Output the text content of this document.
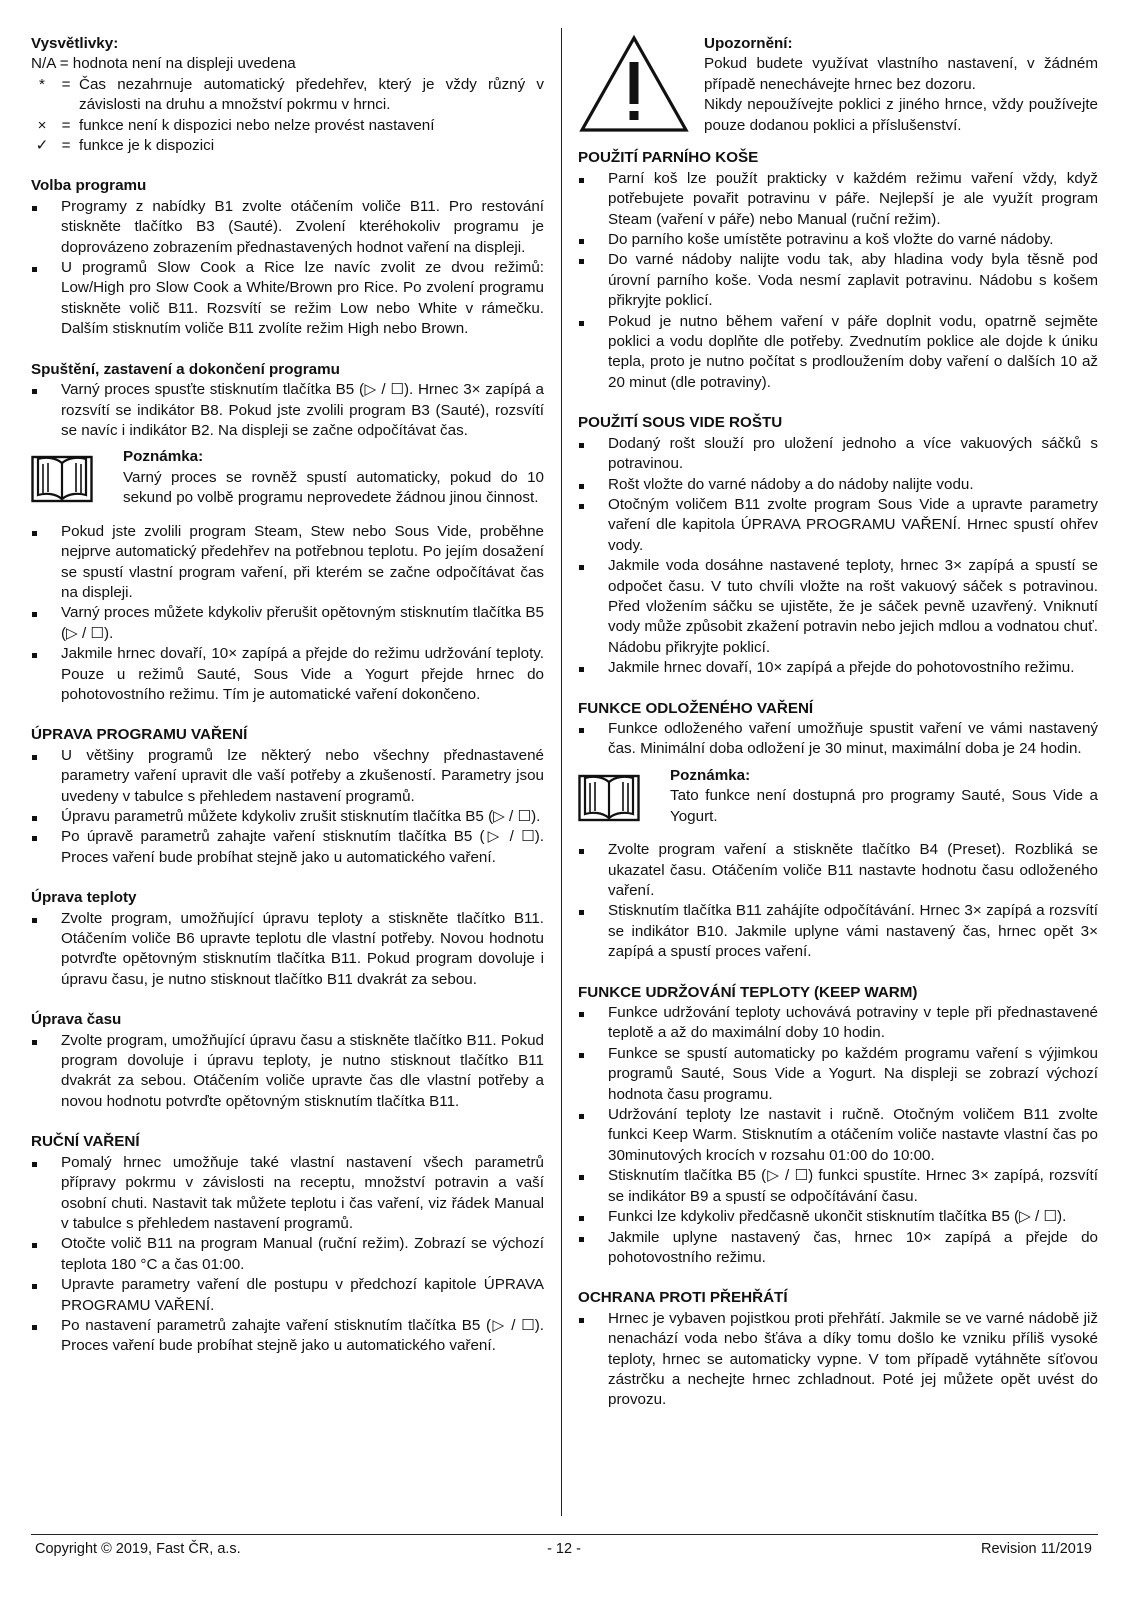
Vysvětlivky:
N/A = hodnota není na displeji uvedena
*	= Čas nezahrnuje automatický předehřev, který je vždy různý v závislosti na druhu a množství pokrmu v hrnci.
× = funkce není k dispozici nebo nelze provést nastavení
✓ = funkce je k dispozici
Volba programu
Programy z nabídky B1 zvolte otáčením voliče B11. Pro restování stiskněte tlačítko B3 (Sauté). Zvolení kteréhokoliv programu je doprovázeno zobrazením přednastavených hodnot vaření na displeji.
U programů Slow Cook a Rice lze navíc zvolit ze dvou režimů: Low/High pro Slow Cook a White/Brown pro Rice. Po zvolení programu stiskněte volič B11. Rozsvítí se režim Low nebo White v rámečku. Dalším stisknutím voliče B11 zvolíte režim High nebo Brown.
Spuštění, zastavení a dokončení programu
Varný proces spusťte stisknutím tlačítka B5 (▷ / ☐). Hrnec 3× zapípá a rozsvítí se indikátor B8. Pokud jste zvolili program B3 (Sauté), rozsvítí se navíc i indikátor B2. Na displeji se začne odpočítávat čas.
Poznámka:
Varný proces se rovněž spustí automaticky, pokud do 10 sekund po volbě programu neprovedete žádnou jinou činnost.
Pokud jste zvolili program Steam, Stew nebo Sous Vide, proběhne nejprve automatický předehřev na potřebnou teplotu. Po jejím dosažení se spustí vlastní program vaření, při kterém se začne odpočítávat čas na displeji.
Varný proces můžete kdykoliv přerušit opětovným stisknutím tlačítka B5 (▷ / ☐).
Jakmile hrnec dovaří, 10× zapípá a přejde do režimu udržování teploty. Pouze u režimů Sauté, Sous Vide a Yogurt přejde hrnec do pohotovostního režimu. Tím je automatické vaření dokončeno.
ÚPRAVA PROGRAMU VAŘENÍ
U většiny programů lze některý nebo všechny přednastavené parametry vaření upravit dle vaší potřeby a zkušeností. Parametry jsou uvedeny v tabulce s přehledem nastavení programů.
Úpravu parametrů můžete kdykoliv zrušit stisknutím tlačítka B5 (▷ / ☐).
Po úpravě parametrů zahajte vaření stisknutím tlačítka B5 (▷ / ☐). Proces vaření bude probíhat stejně jako u automatického vaření.
Úprava teploty
Zvolte program, umožňující úpravu teploty a stiskněte tlačítko B11. Otáčením voliče B6 upravte teplotu dle vlastní potřeby. Novou hodnotu potvrďte opětovným stisknutím tlačítka B11. Pokud program dovoluje i úpravu času, je nutno stisknout tlačítko B11 dvakrát za sebou.
Úprava času
Zvolte program, umožňující úpravu času a stiskněte tlačítko B11. Pokud program dovoluje i úpravu teploty, je nutno stisknout tlačítko B11 dvakrát za sebou. Otáčením voliče upravte čas dle vlastní potřeby a novou hodnotu potvrďte opětovným stisknutím tlačítka B11.
RUČNÍ VAŘENÍ
Pomalý hrnec umožňuje také vlastní nastavení všech parametrů přípravy pokrmu v závislosti na receptu, množství potravin a vaší osobní chuti. Nastavit tak můžete teplotu i čas vaření, viz řádek Manual v tabulce s přehledem nastavení programů.
Otočte volič B11 na program Manual (ruční režim). Zobrazí se výchozí teplota 180 °C a čas 01:00.
Upravte parametry vaření dle postupu v předchozí kapitole ÚPRAVA PROGRAMU VAŘENÍ.
Po nastavení parametrů zahajte vaření stisknutím tlačítka B5 (▷ / ☐). Proces vaření bude probíhat stejně jako u automatického vaření.
Upozornění:
Pokud budete využívat vlastního nastavení, v žádném případě nenechávejte hrnec bez dozoru.
Nikdy nepoužívejte poklici z jiného hrnce, vždy používejte pouze dodanou poklici a příslušenství.
POUŽITÍ PARNÍHO KOŠE
Parní koš lze použít prakticky v každém režimu vaření vždy, když potřebujete povařit potravinu v páře. Nejlepší je ale využít program Steam (vaření v páře) nebo Manual (ruční režim).
Do parního koše umístěte potravinu a koš vložte do varné nádoby.
Do varné nádoby nalijte vodu tak, aby hladina vody byla těsně pod úrovní parního koše. Voda nesmí zaplavit potravinu. Nádobu s košem přikryjte poklicí.
Pokud je nutno během vaření v páře doplnit vodu, opatrně sejměte poklici a vodu doplňte dle potřeby. Zvednutím poklice ale dojde k úniku tepla, proto je nutno počítat s prodloužením doby vaření o dalších 10 až 20 minut (dle potraviny).
POUŽITÍ SOUS VIDE ROŠTU
Dodaný rošt slouží pro uložení jednoho a více vakuových sáčků s potravinou.
Rošt vložte do varné nádoby a do nádoby nalijte vodu.
Otočným voličem B11 zvolte program Sous Vide a upravte parametry vaření dle kapitola ÚPRAVA PROGRAMU VAŘENÍ. Hrnec spustí ohřev vody.
Jakmile voda dosáhne nastavené teploty, hrnec 3× zapípá a spustí se odpočet času. V tuto chvíli vložte na rošt vakuový sáček s potravinou. Před vložením sáčku se ujistěte, že je sáček pevně uzavřený. Vniknutí vody může způsobit zkažení potravin nebo jejich mdlou a vodnatou chuť. Nádobu přikryjte poklicí.
Jakmile hrnec dovaří, 10× zapípá a přejde do pohotovostního režimu.
FUNKCE ODLOŽENÉHO VAŘENÍ
Funkce odloženého vaření umožňuje spustit vaření ve vámi nastavený čas. Minimální doba odložení je 30 minut, maximální doba je 24 hodin.
Poznámka:
Tato funkce není dostupná pro programy Sauté, Sous Vide a Yogurt.
Zvolte program vaření a stiskněte tlačítko B4 (Preset). Rozbliká se ukazatel času. Otáčením voliče B11 nastavte hodnotu času odloženého vaření.
Stisknutím tlačítka B11 zahájíte odpočítávání. Hrnec 3× zapípá a rozsvítí se indikátor B10. Jakmile uplyne vámi nastavený čas, hrnec opět 3× zapípá a spustí proces vaření.
FUNKCE UDRŽOVÁNÍ TEPLOTY (KEEP WARM)
Funkce udržování teploty uchovává potraviny v teple při přednastavené teplotě a až do maximální doby 10 hodin.
Funkce se spustí automaticky po každém programu vaření s výjimkou programů Sauté, Sous Vide a Yogurt. Na displeji se zobrazí výchozí hodnota času programu.
Udržování teploty lze nastavit i ručně. Otočným voličem B11 zvolte funkci Keep Warm. Stisknutím a otáčením voliče nastavte vlastní čas po 30minutových krocích v rozsahu 01:00 do 10:00.
Stisknutím tlačítka B5 (▷ / ☐) funkci spustíte. Hrnec 3× zapípá, rozsvítí se indikátor B9 a spustí se odpočítávání času.
Funkci lze kdykoliv předčasně ukončit stisknutím tlačítka B5 (▷ / ☐).
Jakmile uplyne nastavený čas, hrnec 10× zapípá a přejde do pohotovostního režimu.
OCHRANA PROTI PŘEHŘÁTÍ
Hrnec je vybaven pojistkou proti přehřátí. Jakmile se ve varné nádobě již nenachází voda nebo šťáva a díky tomu došlo ke vzniku příliš vysoké teploty, hrnec se automaticky vypne. V tom případě vytáhněte síťovou zástrčku a nechejte hrnec zchladnout. Poté jej můžete opět uvést do provozu.
- 12 -
Copyright © 2019, Fast ČR, a.s.	Revision 11/2019
